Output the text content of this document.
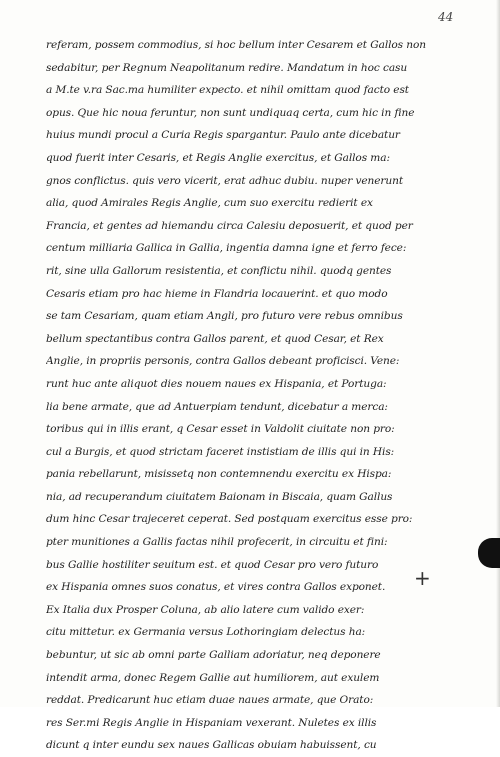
44
referam, possem commodius, si hoc bellum inter Cesarem et Gallos non
sedabitur, per Regnum Neapolitanum redire. Mandatum in hoc casu
a M.te v.ra Sac.ma humiliter expecto. et nihil omittam quod facto est
opus. Que hic noua feruntur, non sunt undiquaq certa, cum hic in fine
huius mundi procul a Curia Regis spargantur. Paulo ante dicebatur
quod fuerit inter Cesaris, et Regis Anglie exercitus, et Gallos ma:
gnos conflictus. quis vero vicerit, erat adhuc dubiu. nuper venerunt
alia, quod Amirales Regis Anglie, cum suo exercitu redierit ex
Francia, et gentes ad hiemandu circa Calesiu deposuerit, et quod per
centum milliaria Gallica in Gallia, ingentia damna igne et ferro fece:
rit, sine ulla Gallorum resistentia, et conflictu nihil. quodq gentes
Cesaris etiam pro hac hieme in Flandria locauerint. et quo modo
se tam Cesariam, quam etiam Angli, pro futuro vere rebus omnibus
bellum spectantibus contra Gallos parent, et quod Cesar, et Rex
Anglie, in propriis personis, contra Gallos debeant proficisci. Vene:
runt huc ante aliquot dies nouem naues ex Hispania, et Portuga:
lia bene armate, que ad Antuerpiam tendunt, dicebatur a merca:
toribus qui in illis erant, q Cesar esset in Valdolit ciuitate non pro:
cul a Burgis, et quod strictam faceret instistiam de illis qui in His:
pania rebellarunt, misissetq non contemnendu exercitu ex Hispa:
nia, ad recuperandum ciuitatem Baionam in Biscaia, quam Gallus
dum hinc Cesar trajeceret ceperat. Sed postquam exercitus esse pro:
pter munitiones a Gallis factas nihil profecerit, in circuitu et fini:
bus Gallie hostiliter seuitum est. et quod Cesar pro vero futuro
ex Hispania omnes suos conatus, et vires contra Gallos exponet.
Ex Italia dux Prosper Coluna, ab alio latere cum valido exer:
citu mittetur. ex Germania versus Lothoringiam delectus ha:
bebuntur, ut sic ab omni parte Galliam adoriatur, neq deponere
intendit arma, donec Regem Gallie aut humiliorem, aut exulem
reddat. Predicarunt huc etiam duae naues armate, que Orato:
res Ser.mi Regis Anglie in Hispaniam vexerant. Nuletes ex illis
dicunt q inter eundu sex naues Gallicas obuiam habuissent, cu
+
